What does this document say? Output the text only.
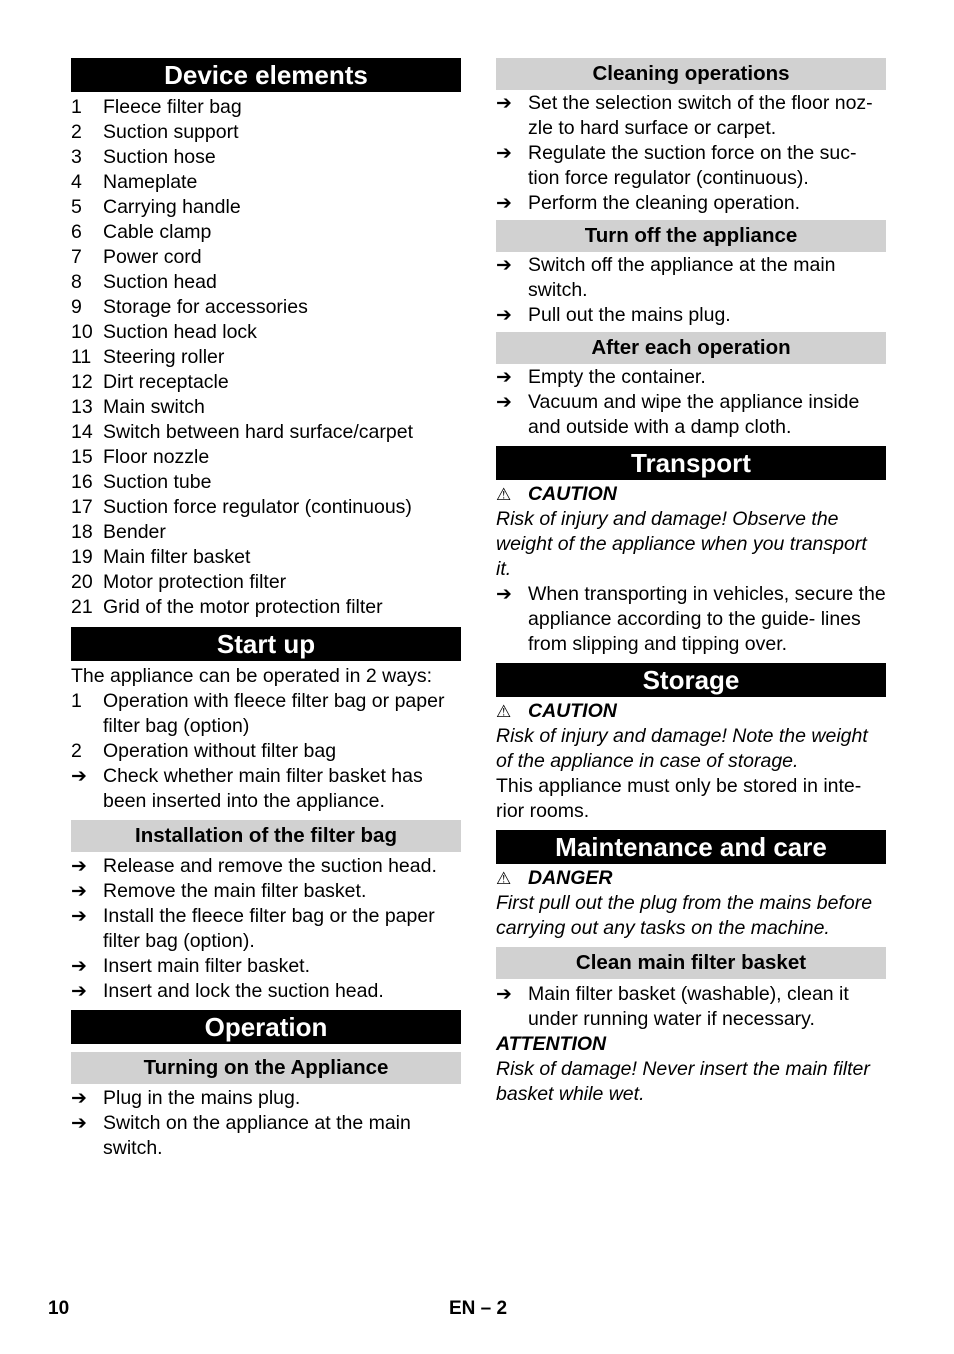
Device elements
1	Fleece filter bag
2	Suction support
3	Suction hose
4	Nameplate
5	Carrying handle
6	Cable clamp
7	Power cord
8	Suction head
9	Storage for accessories
10 Suction head lock
11 Steering roller
12 Dirt receptacle
13 Main switch
14 Switch between hard surface/carpet
15 Floor nozzle
16 Suction tube
17 Suction force regulator (continuous)
18 Bender
19 Main filter basket
20 Motor protection filter
21 Grid of the motor protection filter
Start up
The appliance can be operated in 2 ways:
1	Operation with fleece filter bag or paper filter bag (option)
2	Operation without filter bag
➔ Check whether main filter basket has been inserted into the appliance.
Installation of the filter bag
➔ Release and remove the suction head.
➔ Remove the main filter basket.
➔ Install the fleece filter bag or the paper filter bag (option).
➔ Insert main filter basket.
➔ Insert and lock the suction head.
Operation
Turning on the Appliance
➔ Plug in the mains plug.
➔ Switch on the appliance at the main switch.
Cleaning operations
➔ Set the selection switch of the floor noz- zle to hard surface or carpet.
➔ Regulate the suction force on the suc- tion force regulator (continuous).
➔ Perform the cleaning operation.
Turn off the appliance
➔ Switch off the appliance at the main switch.
➔ Pull out the mains plug.
After each operation
➔ Empty the container.
➔ Vacuum and wipe the appliance inside and outside with a damp cloth.
Transport
⚠ CAUTION
Risk of injury and damage! Observe the weight of the appliance when you transport it.
➔ When transporting in vehicles, secure the appliance according to the guide- lines from slipping and tipping over.
Storage
⚠ CAUTION
Risk of injury and damage! Note the weight of the appliance in case of storage.
This appliance must only be stored in inte- rior rooms.
Maintenance and care
⚠ DANGER
First pull out the plug from the mains before carrying out any tasks on the machine.
Clean main filter basket
➔ Main filter basket (washable), clean it under running water if necessary.
ATTENTION
Risk of damage! Never insert the main filter basket while wet.
10	EN – 2
